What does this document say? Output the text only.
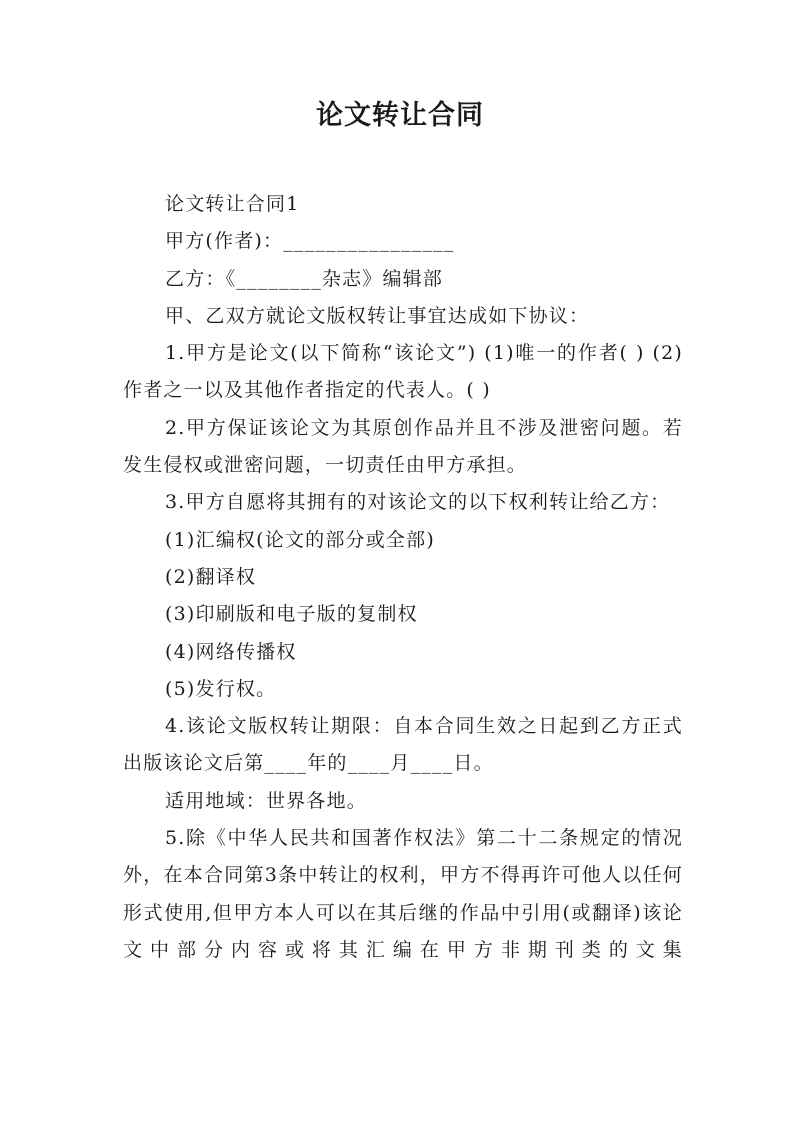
论文转让合同

论文转让合同1

甲方(作者)：________________

乙方：《________杂志》编辑部

甲、乙双方就论文版权转让事宜达成如下协议：

1.甲方是论文(以下简称“该论文”) (1)唯一的作者( ) (2)作者之一以及其他作者指定的代表人。( )

2.甲方保证该论文为其原创作品并且不涉及泄密问题。若发生侵权或泄密问题，一切责任由甲方承担。

3.甲方自愿将其拥有的对该论文的以下权利转让给乙方：

(1)汇编权(论文的部分或全部)

(2)翻译权

(3)印刷版和电子版的复制权

(4)网络传播权

(5)发行权。

4.该论文版权转让期限：自本合同生效之日起到乙方正式出版该论文后第____年的____月____日。

适用地域：世界各地。

5.除《中华人民共和国著作权法》第二十二条规定的情况外，在本合同第3条中转让的权利，甲方不得再许可他人以任何形式使用,但甲方本人可以在其后继的作品中引用(或翻译)该论文中部分内容或将其汇编在甲方非期刊类的文集
